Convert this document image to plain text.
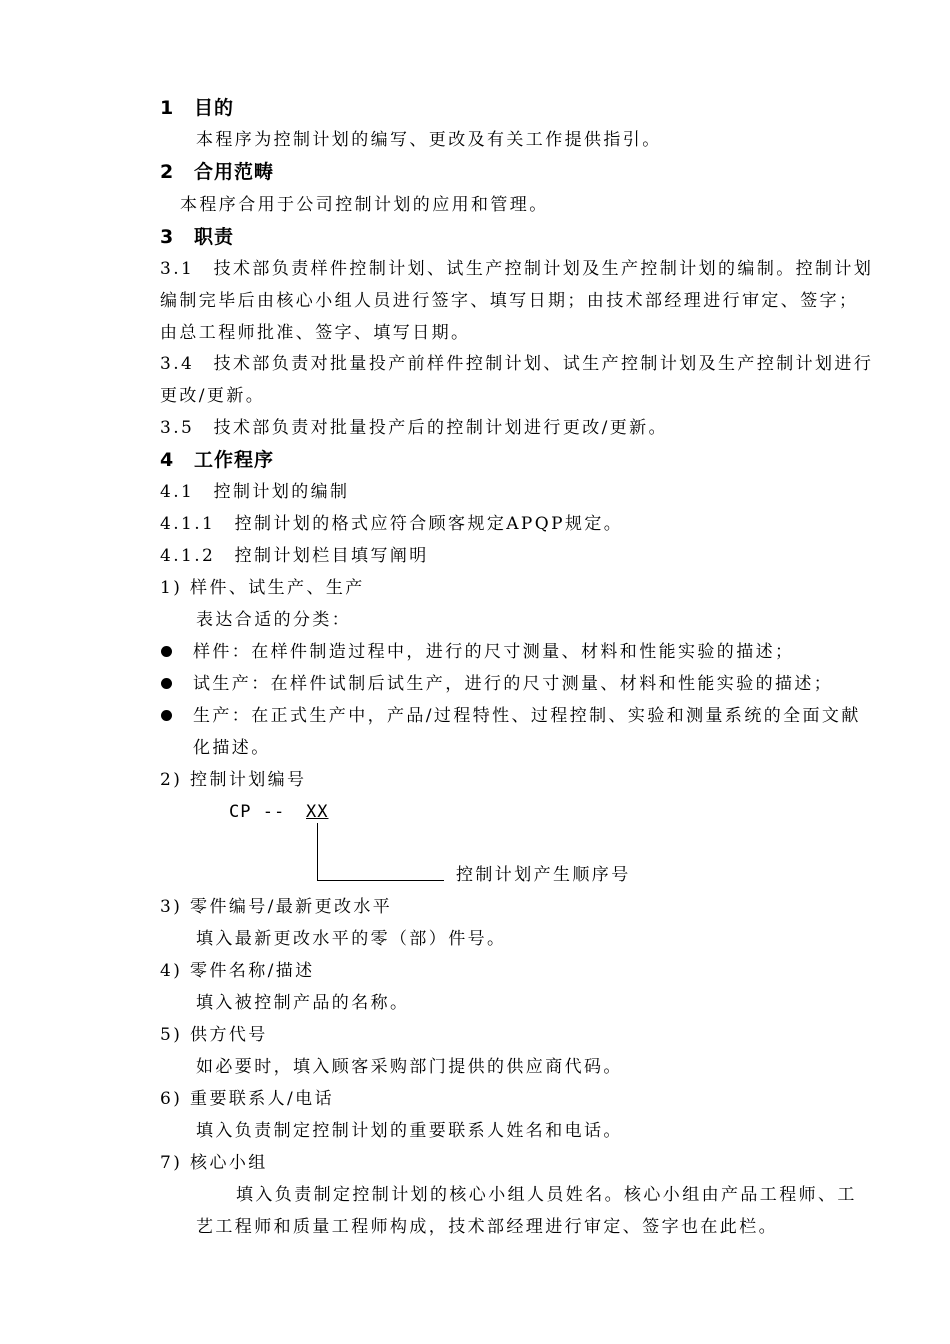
1 目的
本程序为控制计划的编写、更改及有关工作提供指引。
2 合用范畴
本程序合用于公司控制计划的应用和管理。
3 职责
3.1　技术部负责样件控制计划、试生产控制计划及生产控制计划的编制。控制计划
编制完毕后由核心小组人员进行签字、填写日期；由技术部经理进行审定、签字；
由总工程师批准、签字、填写日期。
3.4　技术部负责对批量投产前样件控制计划、试生产控制计划及生产控制计划进行
更改/更新。
3.5　技术部负责对批量投产后的控制计划进行更改/更新。
4 工作程序
4.1　控制计划的编制
4.1.1　控制计划的格式应符合顾客规定APQP规定。
4.1.2　控制计划栏目填写阐明
1) 样件、试生产、生产
表达合适的分类：
样件：在样件制造过程中，进行的尺寸测量、材料和性能实验的描述；
试生产：在样件试制后试生产，进行的尺寸测量、材料和性能实验的描述；
生产：在正式生产中，产品/过程特性、过程控制、实验和测量系统的全面文献
化描述。
2) 控制计划编号
CP -- XX
控制计划产生顺序号
3) 零件编号/最新更改水平
填入最新更改水平的零（部）件号。
4) 零件名称/描述
填入被控制产品的名称。
5) 供方代号
如必要时，填入顾客采购部门提供的供应商代码。
6) 重要联系人/电话
填入负责制定控制计划的重要联系人姓名和电话。
7) 核心小组
填入负责制定控制计划的核心小组人员姓名。核心小组由产品工程师、工
艺工程师和质量工程师构成，技术部经理进行审定、签字也在此栏。
